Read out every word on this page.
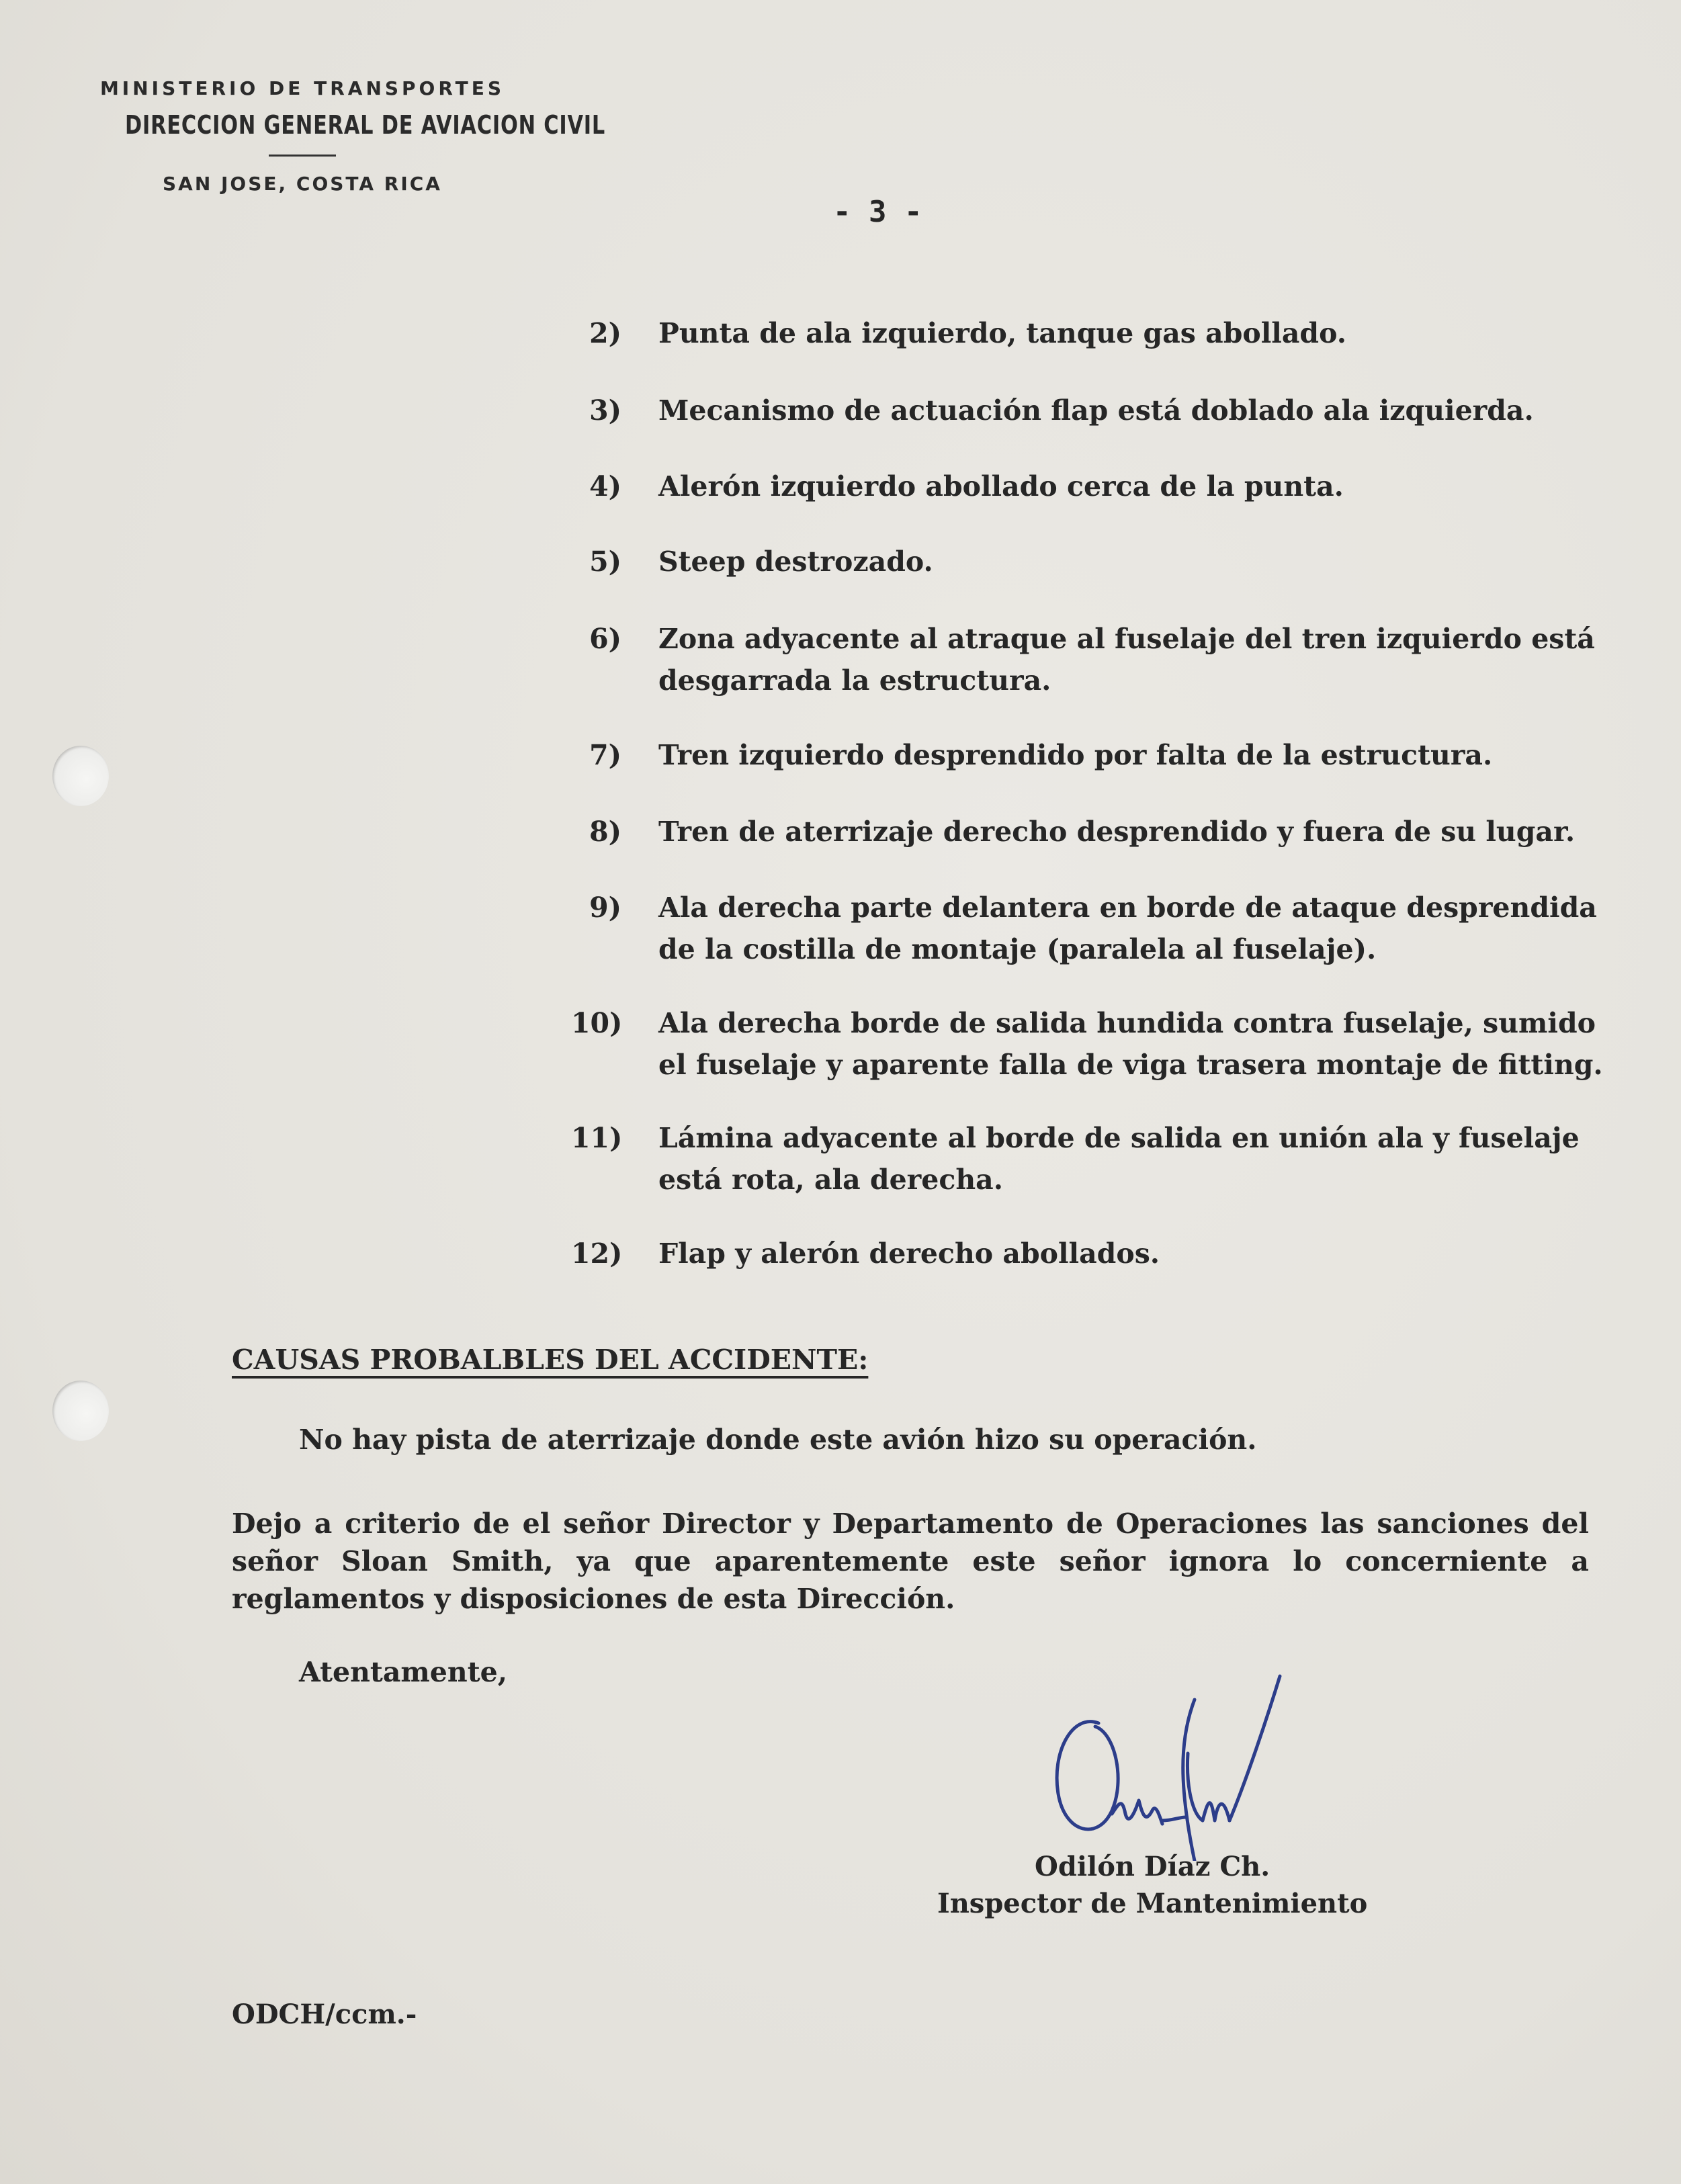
MINISTERIO DE TRANSPORTES
DIRECCION GENERAL DE AVIACION CIVIL
SAN JOSE, COSTA RICA
- 3 -
2) Punta de ala izquierdo, tanque gas abollado.
3) Mecanismo de actuación flap está doblado ala izquierda.
4) Alerón izquierdo abollado cerca de la punta.
5) Steep destrozado.
6) Zona adyacente al atraque al fuselaje del tren izquierdo está desgarrada la estructura.
7) Tren izquierdo desprendido por falta de la estructura.
8) Tren de aterrizaje derecho desprendido y fuera de su lugar.
9) Ala derecha parte delantera en borde de ataque desprendida de la costilla de montaje (paralela al fuselaje).
10) Ala derecha borde de salida hundida contra fuselaje, sumido el fuselaje y aparente falla de viga trasera montaje de fitting.
11) Lámina adyacente al borde de salida en unión ala y fuselaje está rota, ala derecha.
12) Flap y alerón derecho abollados.
CAUSAS PROBALBLES DEL ACCIDENTE:
No hay pista de aterrizaje donde este avión hizo su operación.
Dejo a criterio de el señor Director y Departamento de Operaciones las sanciones del señor Sloan Smith, ya que aparentemente este señor ignora lo concerniente a reglamentos y disposiciones de esta Dirección.
Atentamente,
Odilón Díaz Ch.
Inspector de Mantenimiento
ODCH/ccm.-
